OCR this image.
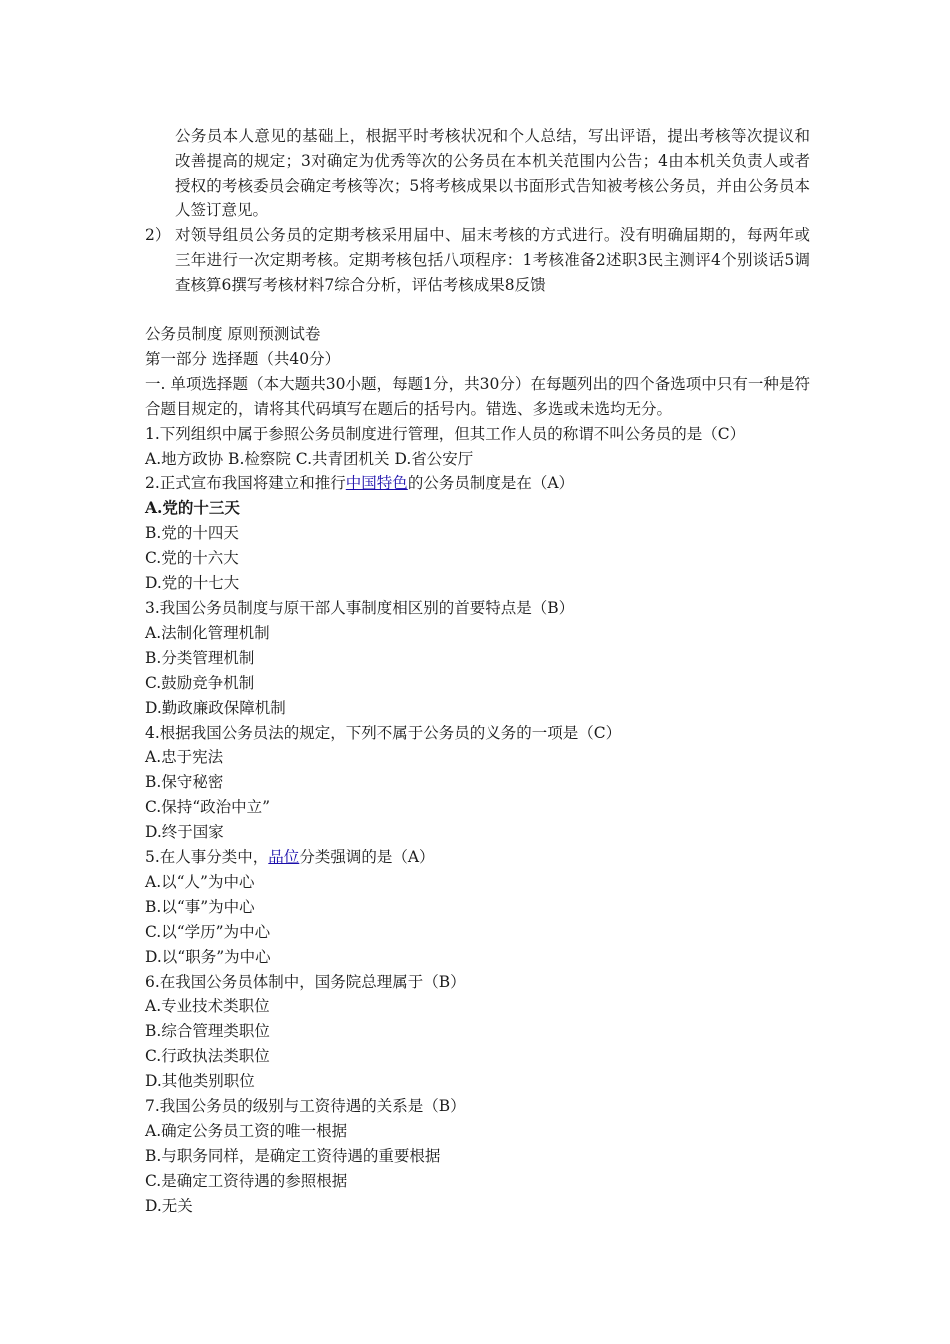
公务员本人意见的基础上，根据平时考核状况和个人总结，写出评语，提出考核等次提议和改善提高的规定；3对确定为优秀等次的公务员在本机关范围内公告；4由本机关负责人或者授权的考核委员会确定考核等次；5将考核成果以书面形式告知被考核公务员，并由公务员本人签订意见。
2） 对领导组员公务员的定期考核采用届中、届末考核的方式进行。没有明确届期的，每两年或三年进行一次定期考核。定期考核包括八项程序：1考核准备2述职3民主测评4个别谈话5调查核算6撰写考核材料7综合分析，评估考核成果8反馈
公务员制度 原则预测试卷
第一部分 选择题（共40分）
一. 单项选择题（本大题共30小题，每题1分，共30分）在每题列出的四个备选项中只有一种是符合题目规定的，请将其代码填写在题后的括号内。错选、多选或未选均无分。
1.下列组织中属于参照公务员制度进行管理，但其工作人员的称谓不叫公务员的是（C）
A.地方政协 B.检察院 C.共青团机关 D.省公安厅
2.正式宣布我国将建立和推行中国特色的公务员制度是在（A）
A.党的十三天
B.党的十四天
C.党的十六大
D.党的十七大
3.我国公务员制度与原干部人事制度相区别的首要特点是（B）
A.法制化管理机制
B.分类管理机制
C.鼓励竞争机制
D.勤政廉政保障机制
4.根据我国公务员法的规定，下列不属于公务员的义务的一项是（C）
A.忠于宪法
B.保守秘密
C.保持“政治中立”
D.终于国家
5.在人事分类中，品位分类强调的是（A）
A.以“人”为中心
B.以“事”为中心
C.以“学历”为中心
D.以“职务”为中心
6.在我国公务员体制中，国务院总理属于（B）
A.专业技术类职位
B.综合管理类职位
C.行政执法类职位
D.其他类别职位
7.我国公务员的级别与工资待遇的关系是（B）
A.确定公务员工资的唯一根据
B.与职务同样，是确定工资待遇的重要根据
C.是确定工资待遇的参照根据
D.无关
